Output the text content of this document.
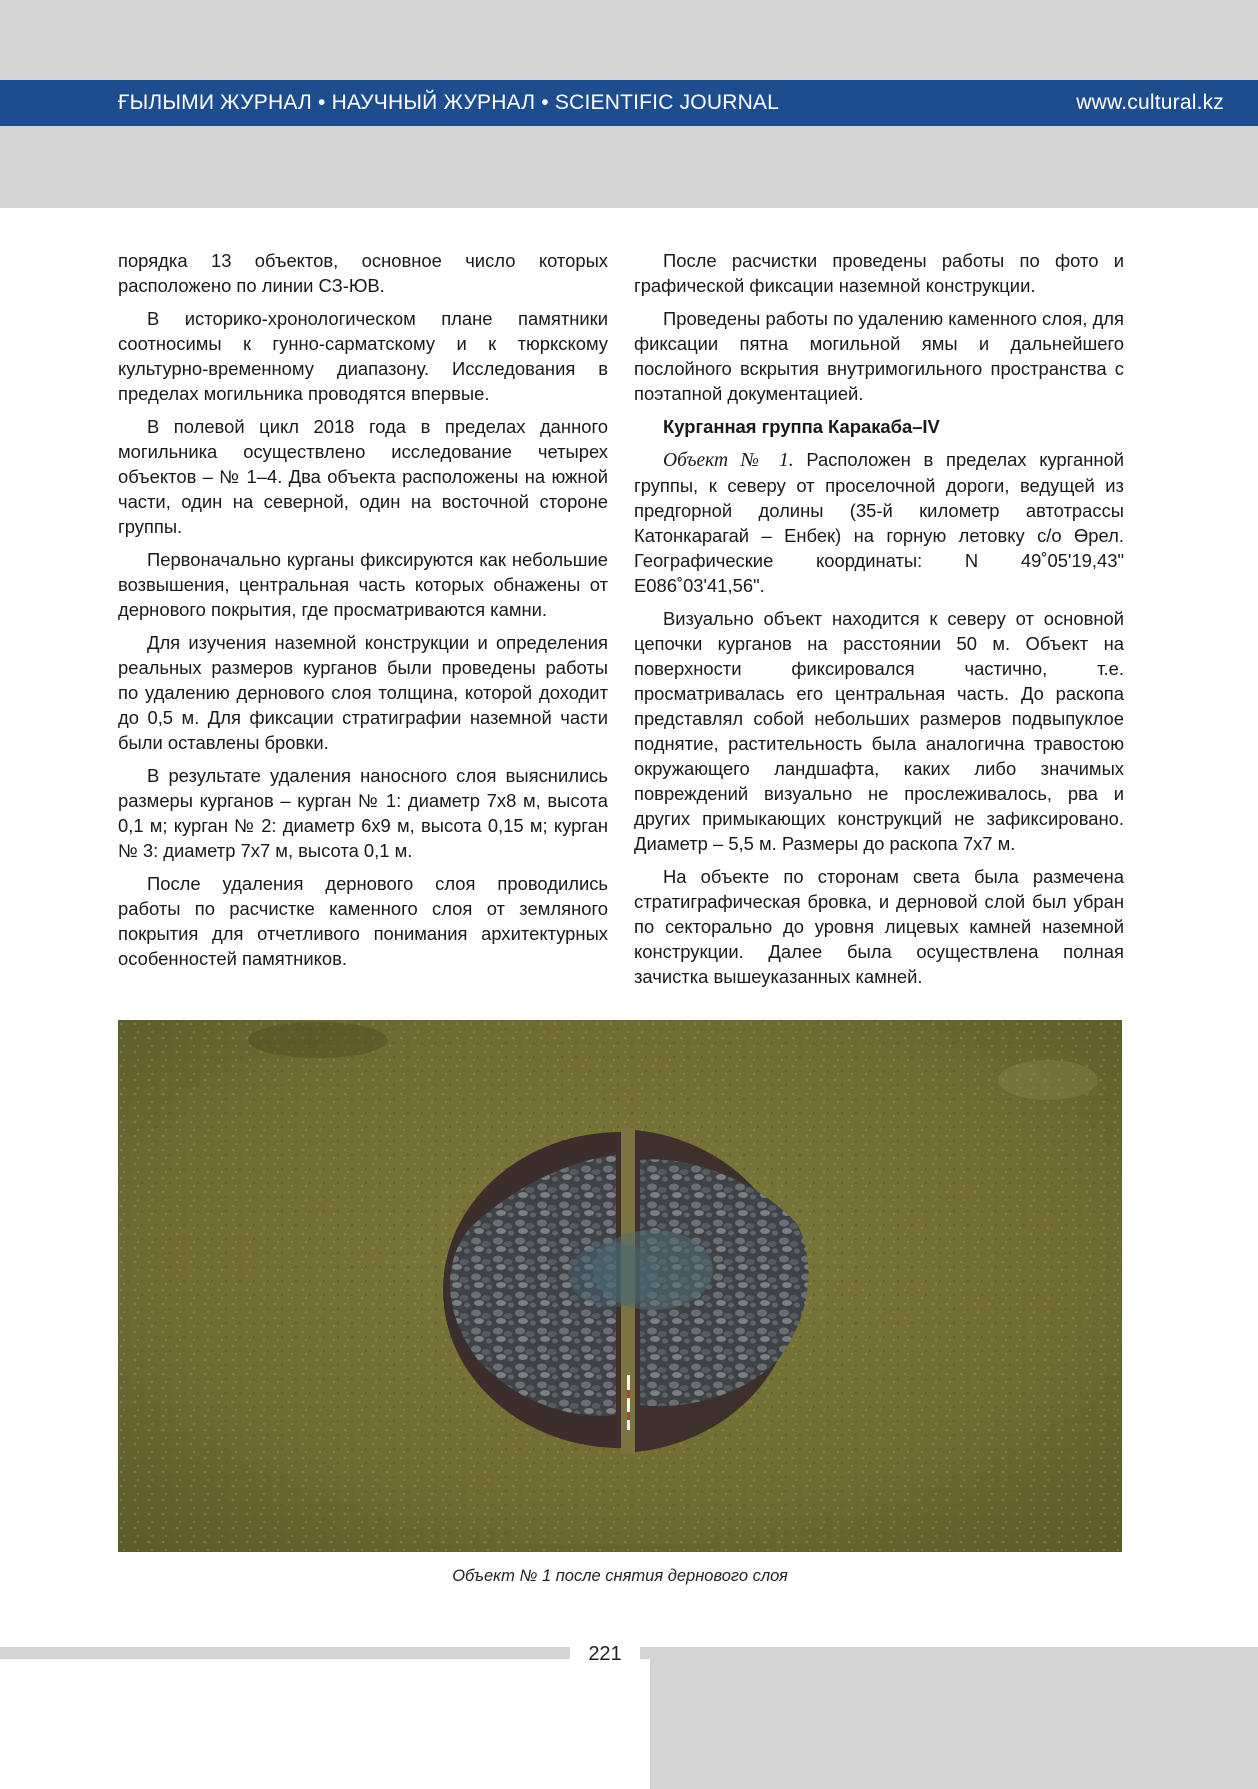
ҒЫЛЫМИ ЖУРНАЛ • НАУЧНЫЙ ЖУРНАЛ • SCIENTIFIC JOURNAL	www.cultural.kz

порядка 13 объектов, основное число которых расположено по линии СЗ-ЮВ.

В историко-хронологическом плане памятники соотносимы к гунно-сарматскому и к тюркскому культурно-временному диапазону. Исследования в пределах могильника проводятся впервые.

В полевой цикл 2018 года в пределах данного могильника осуществлено исследование четырех объектов – № 1–4. Два объекта расположены на южной части, один на северной, один на восточной стороне группы.

Первоначально курганы фиксируются как небольшие возвышения, центральная часть которых обнажены от дернового покрытия, где просматриваются камни.

Для изучения наземной конструкции и определения реальных размеров курганов были проведены работы по удалению дернового слоя толщина, которой доходит до 0,5 м. Для фиксации стратиграфии наземной части были оставлены бровки.

В результате удаления наносного слоя выяснились размеры курганов – курган № 1: диаметр 7х8 м, высота 0,1 м; курган № 2: диаметр 6х9 м, высота 0,15 м; курган № 3: диаметр 7х7 м, высота 0,1 м.

После удаления дернового слоя проводились работы по расчистке каменного слоя от земляного покрытия для отчетливого понимания архитектурных особенностей памятников.

После расчистки проведены работы по фото и графической фиксации наземной конструкции.

Проведены работы по удалению каменного слоя, для фиксации пятна могильной ямы и дальнейшего послойного вскрытия внутримогильного пространства с поэтапной документацией.

Курганная группа Каракаба–IV

Объект № 1. Расположен в пределах курганной группы, к северу от проселочной дороги, ведущей из предгорной долины (35-й километр автотрассы Катонкарагай – Енбек) на горную летовку с/о Өрел. Географические координаты: N 49˚05'19,43" E086˚03'41,56".

Визуально объект находится к северу от основной цепочки курганов на расстоянии 50 м. Объект на поверхности фиксировался частично, т.е. просматривалась его центральная часть. До раскопа представлял собой небольших размеров подвыпуклое поднятие, растительность была аналогична травостою окружающего ландшафта, каких либо значимых повреждений визуально не прослеживалось, рва и других примыкающих конструкций не зафиксировано. Диаметр – 5,5 м. Размеры до раскопа 7х7 м.

На объекте по сторонам света была размечена стратиграфическая бровка, и дерновой слой был убран по секторально до уровня лицевых камней наземной конструкции. Далее была осуществлена полная зачистка вышеуказанных камней.

Объект № 1 после снятия дернового слоя
221
